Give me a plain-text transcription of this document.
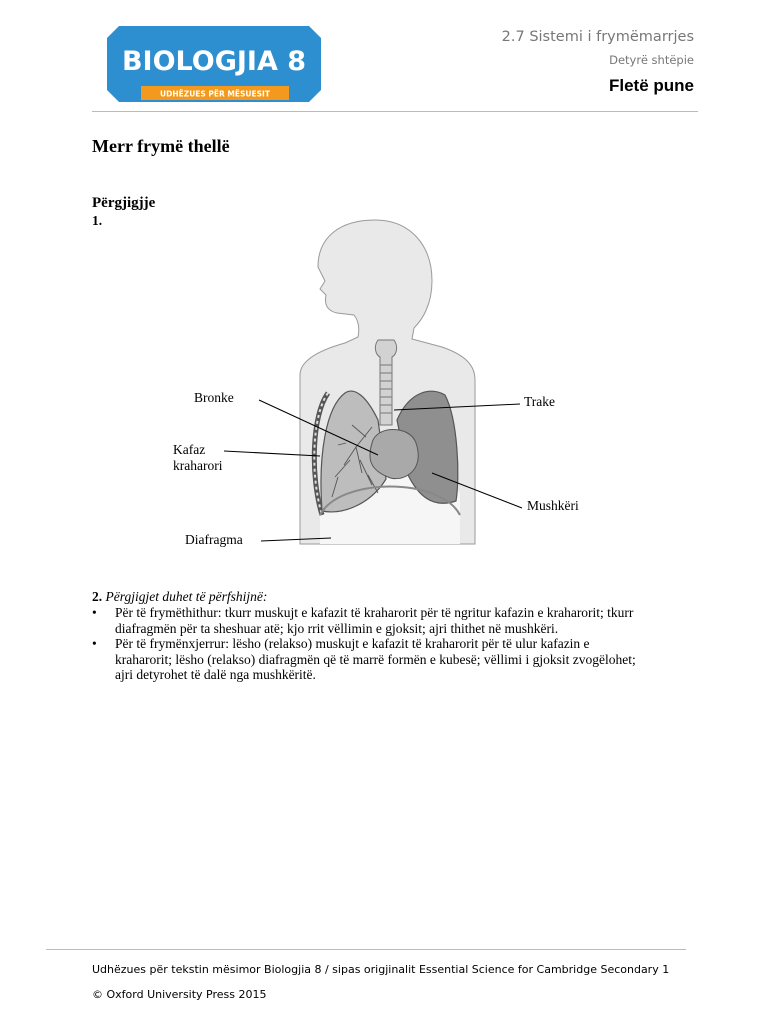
BIOLOGJIA 8
UDHËZUES PËR MËSUESIT
2.7 Sistemi i frymëmarrjes
Detyrë shtëpie
Fletë pune
Merr frymë thellë
Përgjigjje
1.
Bronke
Kafaz
kraharori
Diafragma
Trake
Mushkëri
2. Përgjigjet duhet të përfshijnë:
• Për të frymëthithur: tkurr muskujt e kafazit të kraharorit për të ngritur kafazin e kraharorit; tkurr
diafragmën për ta sheshuar atë; kjo rrit vëllimin e gjoksit; ajri thithet në mushkëri.
• Për të frymënxjerrur: lësho (relakso) muskujt e kafazit të kraharorit për të ulur kafazin e
kraharorit; lësho (relakso) diafragmën që të marrë formën e kubesë; vëllimi i gjoksit zvogëlohet;
ajri detyrohet të dalë nga mushkëritë.
Udhëzues për tekstin mësimor Biologjia 8 / sipas origjinalit Essential Science for Cambridge Secondary 1
© Oxford University Press 2015
